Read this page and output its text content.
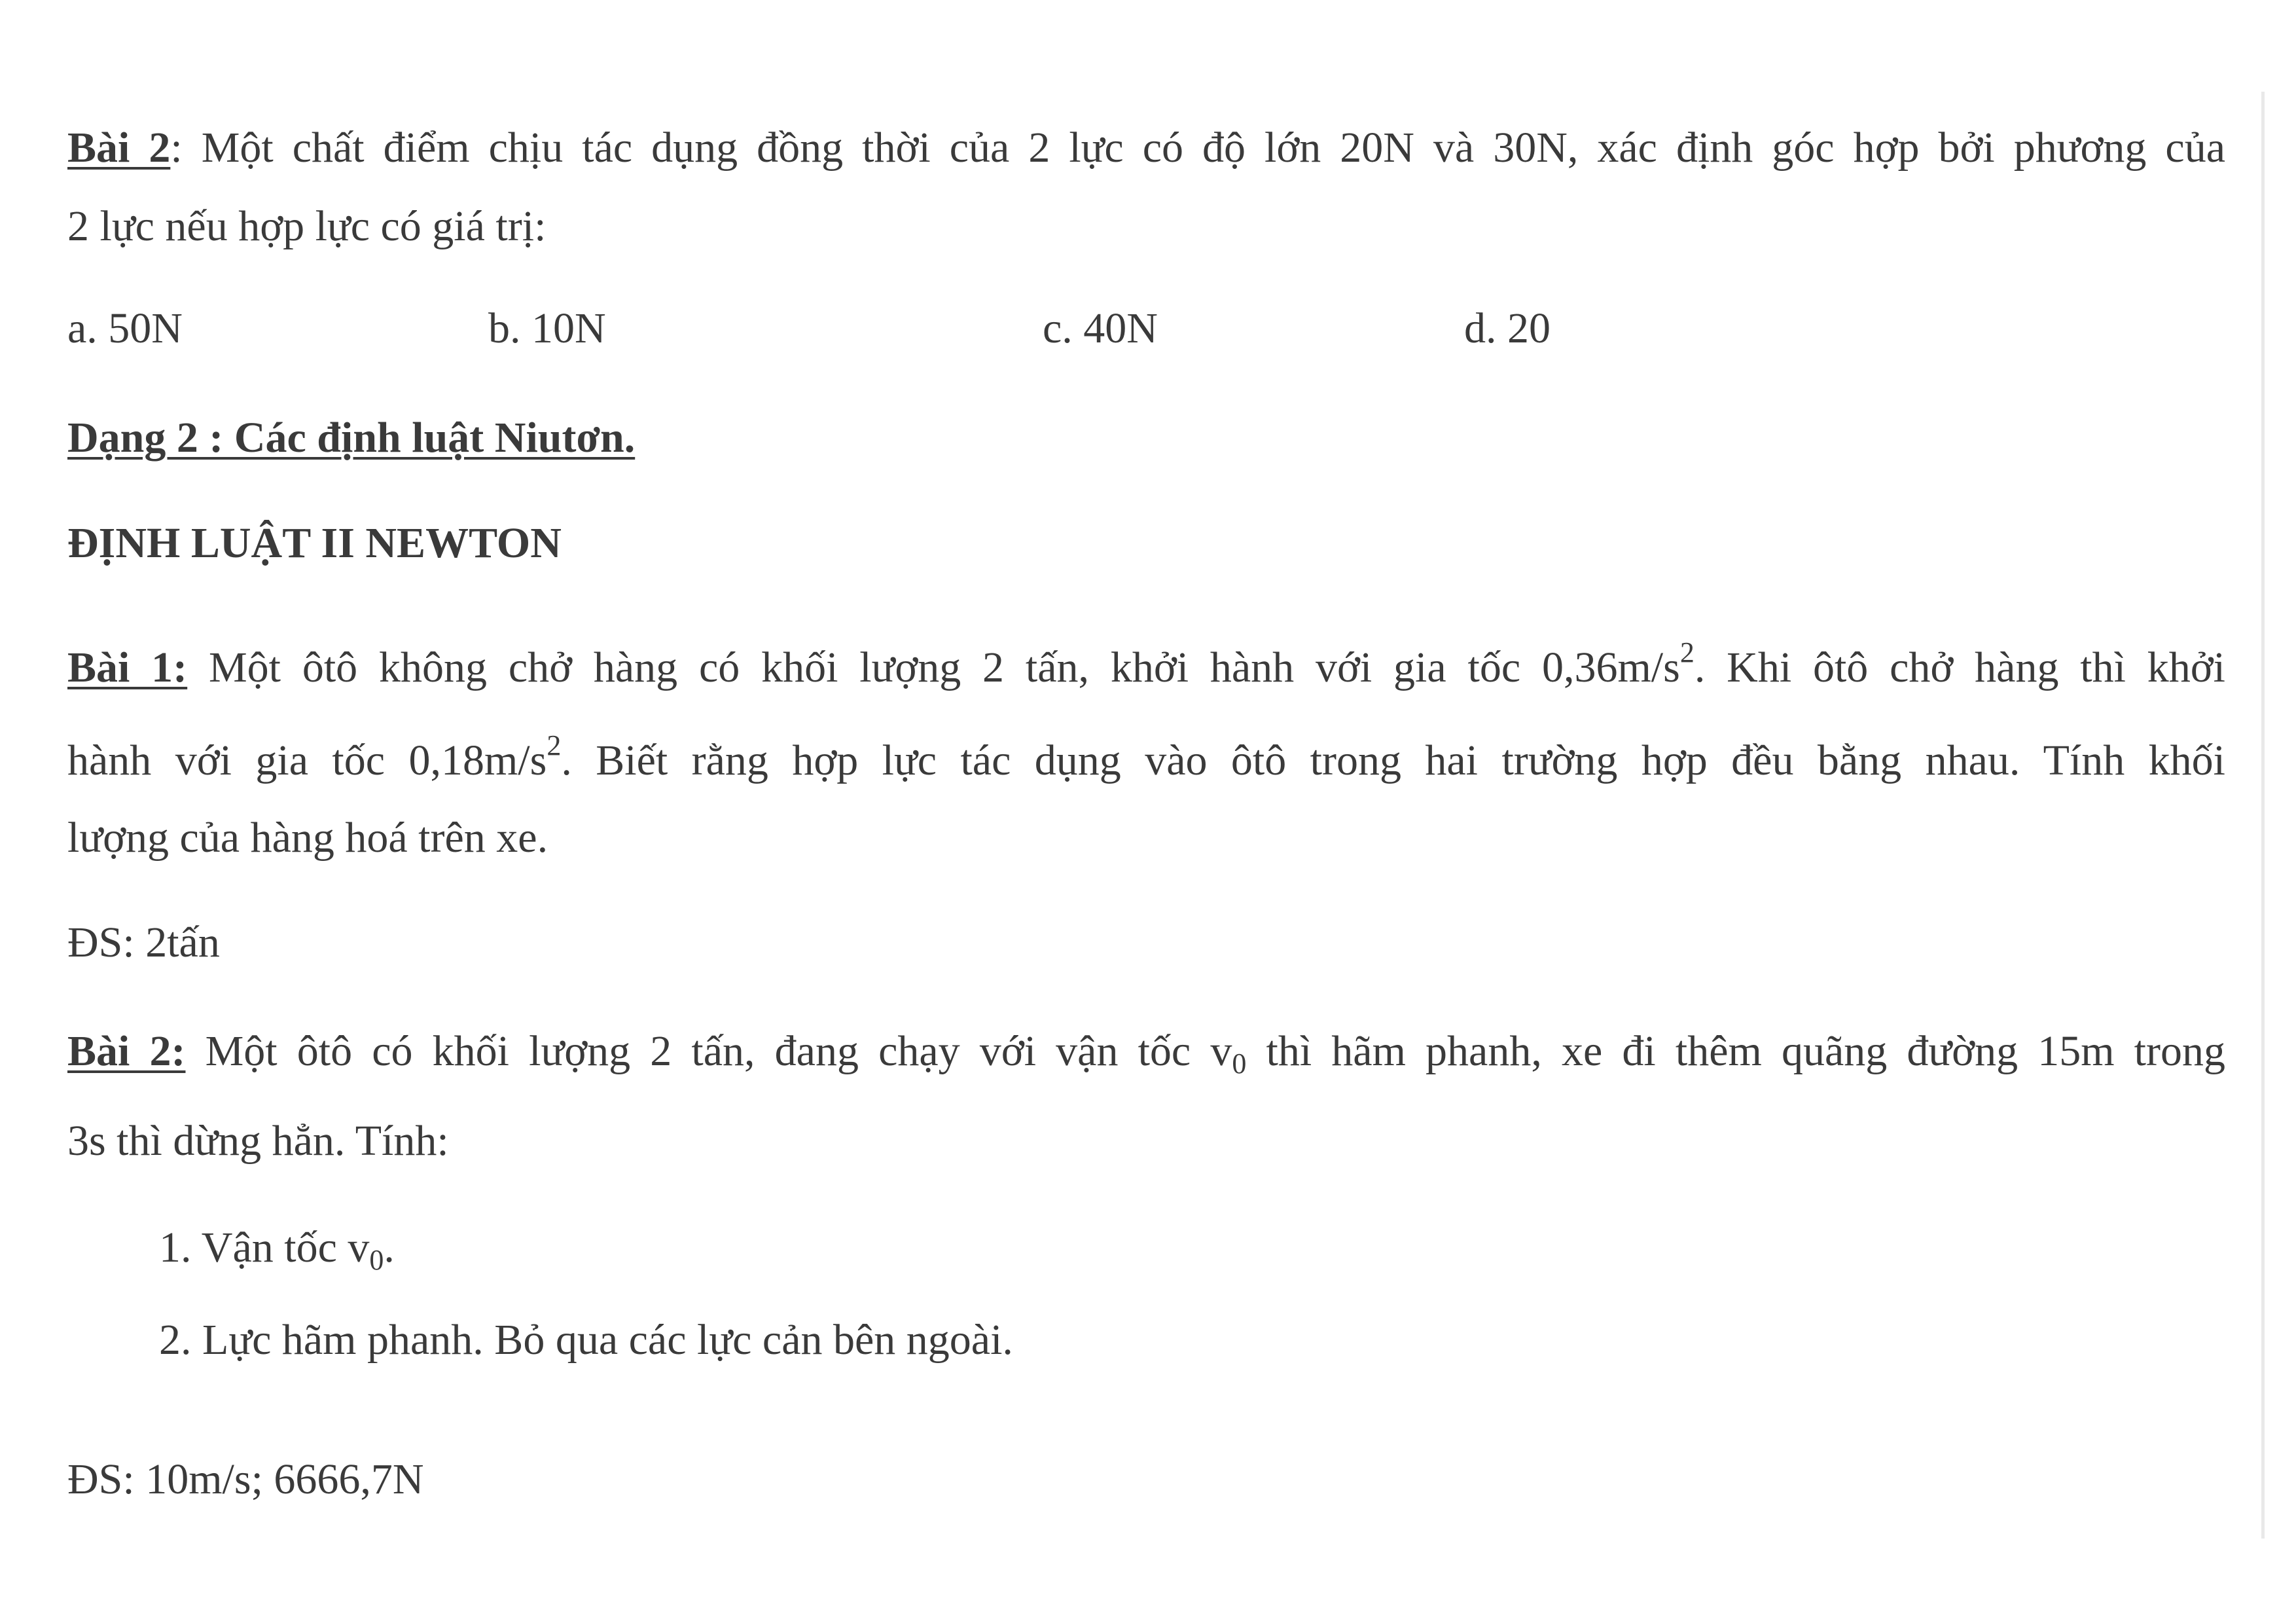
Bài 2: Một chất điểm chịu tác dụng đồng thời của 2 lực có độ lớn 20N và 30N, xác định góc hợp bởi phương của
2 lực nếu hợp lực có giá trị:
a. 50N	b. 10N	c. 40N	d. 20
Dạng 2 : Các định luật Niutơn.
ĐỊNH LUẬT II NEWTON
Bài 1: Một ôtô không chở hàng có khối lượng 2 tấn, khởi hành với gia tốc $0,36m/s^2$. Khi ôtô chở hàng thì khởi
hành với gia tốc $0,18m/s^2$. Biết rằng hợp lực tác dụng vào ôtô trong hai trường hợp đều bằng nhau. Tính khối
lượng của hàng hoá trên xe.
ĐS: 2tấn
Bài 2: Một ôtô có khối lượng 2 tấn, đang chạy với vận tốc $v_0$ thì hãm phanh, xe đi thêm quãng đường 15m trong
3s thì dừng hẳn. Tính:
1. Vận tốc $v_0$.
2. Lực hãm phanh. Bỏ qua các lực cản bên ngoài.
ĐS: 10m/s; 6666,7N
